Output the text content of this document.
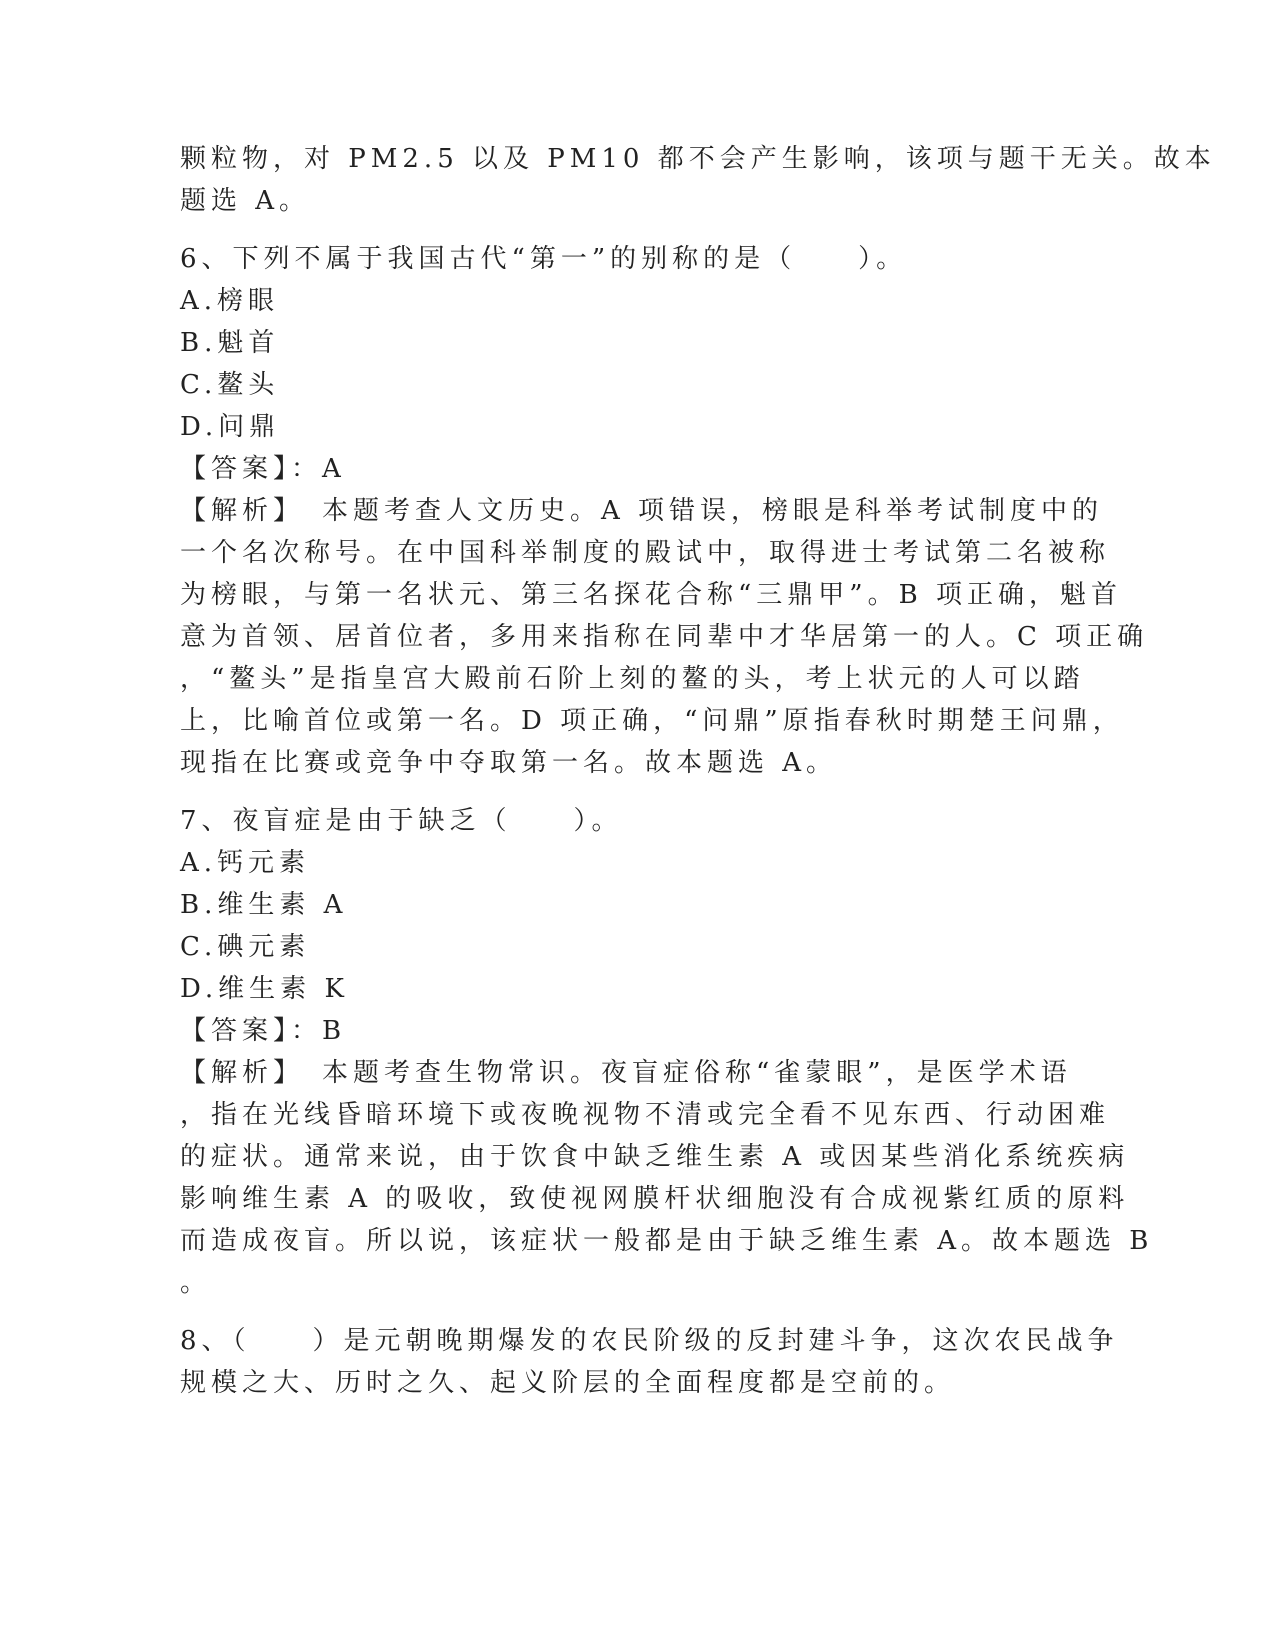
颗粒物，对 PM2.5 以及 PM10 都不会产生影响，该项与题干无关。故本
题选 A。
6、下列不属于我国古代“第一”的别称的是（　　）。
A.榜眼
B.魁首
C.鳌头
D.问鼎
【答案】：A
【解析】　本题考查人文历史。A 项错误，榜眼是科举考试制度中的
一个名次称号。在中国科举制度的殿试中，取得进士考试第二名被称
为榜眼，与第一名状元、第三名探花合称“三鼎甲”。B 项正确，魁首
意为首领、居首位者，多用来指称在同辈中才华居第一的人。C 项正确
，“鳌头”是指皇宫大殿前石阶上刻的鳌的头，考上状元的人可以踏
上，比喻首位或第一名。D 项正确，“问鼎”原指春秋时期楚王问鼎，
现指在比赛或竞争中夺取第一名。故本题选 A。
7、夜盲症是由于缺乏（　　）。
A.钙元素
B.维生素 A
C.碘元素
D.维生素 K
【答案】：B
【解析】　本题考查生物常识。夜盲症俗称“雀蒙眼”，是医学术语
，指在光线昏暗环境下或夜晚视物不清或完全看不见东西、行动困难
的症状。通常来说，由于饮食中缺乏维生素 A 或因某些消化系统疾病
影响维生素 A 的吸收，致使视网膜杆状细胞没有合成视紫红质的原料
而造成夜盲。所以说，该症状一般都是由于缺乏维生素 A。故本题选 B
。
8、（　　）是元朝晚期爆发的农民阶级的反封建斗争，这次农民战争
规模之大、历时之久、起义阶层的全面程度都是空前的。
